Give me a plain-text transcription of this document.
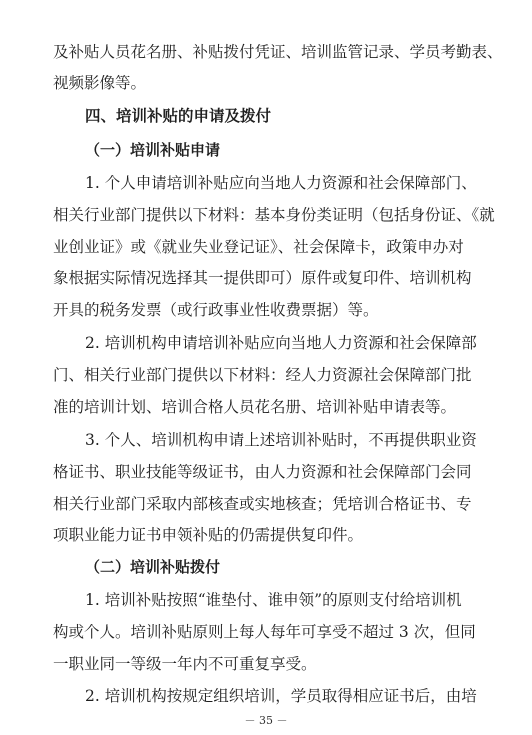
及补贴人员花名册、补贴拨付凭证、培训监管记录、学员考勤表、
视频影像等。
四、培训补贴的申请及拨付
（一）培训补贴申请
1. 个人申请培训补贴应向当地人力资源和社会保障部门、
相关行业部门提供以下材料：基本身份类证明（包括身份证、《就
业创业证》或《就业失业登记证》、社会保障卡，政策申办对
象根据实际情况选择其一提供即可）原件或复印件、培训机构
开具的税务发票（或行政事业性收费票据）等。
2. 培训机构申请培训补贴应向当地人力资源和社会保障部
门、相关行业部门提供以下材料：经人力资源社会保障部门批
准的培训计划、培训合格人员花名册、培训补贴申请表等。
3. 个人、培训机构申请上述培训补贴时，不再提供职业资
格证书、职业技能等级证书，由人力资源和社会保障部门会同
相关行业部门采取内部核查或实地核查；凭培训合格证书、专
项职业能力证书申领补贴的仍需提供复印件。
（二）培训补贴拨付
1. 培训补贴按照“谁垫付、谁申领”的原则支付给培训机
构或个人。培训补贴原则上每人每年可享受不超过 3 次，但同
一职业同一等级一年内不可重复享受。
2. 培训机构按规定组织培训，学员取得相应证书后，由培
－ 35 －
